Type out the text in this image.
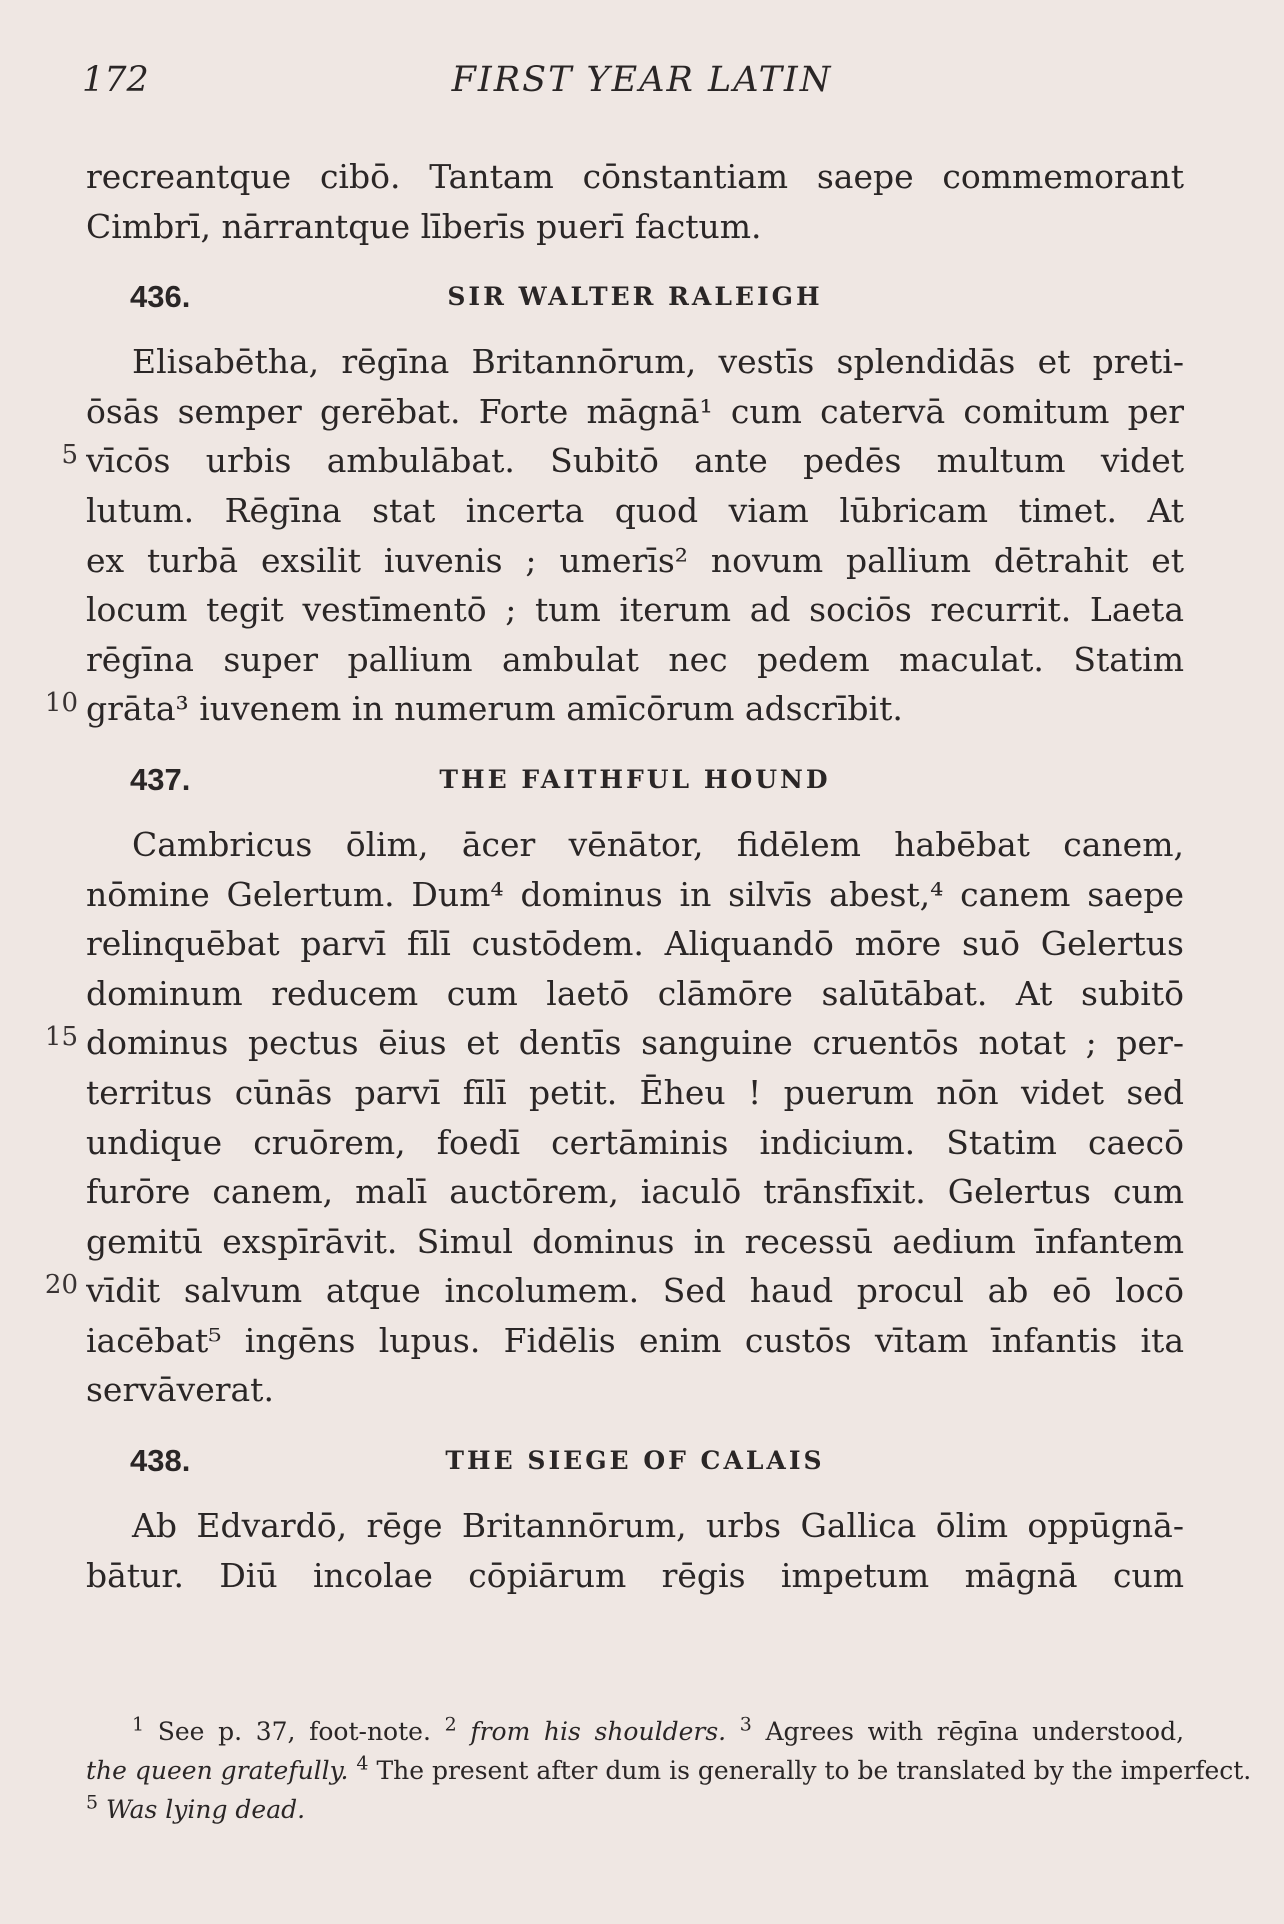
172	FIRST YEAR LATIN
recreantque cibō. Tantam cōnstantiam saepe commemorant
Cimbrī, nārrantque līberīs puerī factum.
436.	SIR WALTER RALEIGH
Elisabētha, rēgīna Britannōrum, vestīs splendidās et preti-
ōsās semper gerēbat. Forte māgnā¹ cum catervā comitum per
5 vīcōs urbis ambulābat. Subitō ante pedēs multum videt
lutum. Rēgīna stat incerta quod viam lūbricam timet. At
ex turbā exsilit iuvenis ; umerīs² novum pallium dētrahit et
locum tegit vestīmentō ; tum iterum ad sociōs recurrit. Laeta
rēgīna super pallium ambulat nec pedem maculat. Statim
10 grāta³ iuvenem in numerum amīcōrum adscrībit.
437.	THE FAITHFUL HOUND
Cambricus ōlim, ācer vēnātor, fidēlem habēbat canem,
nōmine Gelertum. Dum⁴ dominus in silvīs abest,⁴ canem saepe
relinquēbat parvī fīlī custōdem. Aliquandō mōre suō Gelertus
dominum reducem cum laetō clāmōre salūtābat. At subitō
15 dominus pectus ēius et dentīs sanguine cruentōs notat ; per-
territus cūnās parvī fīlī petit. Ēheu ! puerum nōn videt sed
undique cruōrem, foedī certāminis indicium. Statim caecō
furōre canem, malī auctōrem, iaculō trānsfīxit. Gelertus cum
gemitū exspīrāvit. Simul dominus in recessū aedium īnfantem
20 vīdit salvum atque incolumem. Sed haud procul ab eō locō
iacēbat⁵ ingēns lupus. Fidēlis enim custōs vītam īnfantis ita
servāverat.
438.	THE SIEGE OF CALAIS
Ab Edvardō, rēge Britannōrum, urbs Gallica ōlim oppūgnā-
bātur. Diū incolae cōpiārum rēgis impetum māgnā cum
$^1$ See p. 37, foot-note. $^2$ from his shoulders. $^3$ Agrees with rēgīna understood,
the queen gratefully. $^4$ The present after dum is generally to be translated by the imperfect.
$^5$ Was lying dead.
